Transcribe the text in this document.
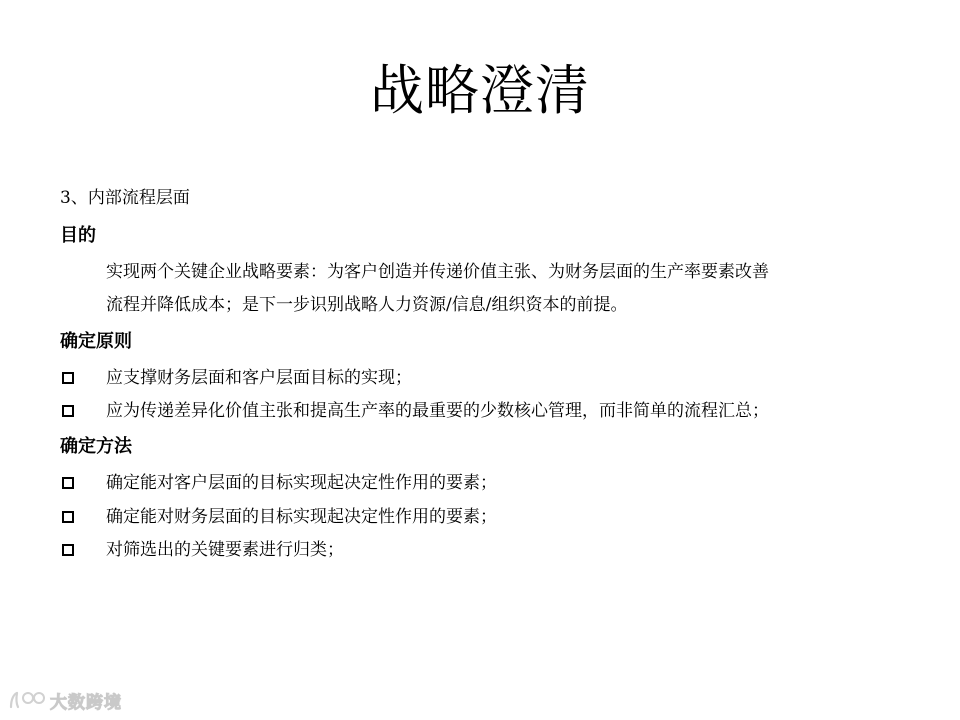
战略澄清
3、内部流程层面
目的
实现两个关键企业战略要素：为客户创造并传递价值主张、为财务层面的生产率要素改善
流程并降低成本；是下一步识别战略人力资源/信息/组织资本的前提。
确定原则
应支撑财务层面和客户层面目标的实现；
应为传递差异化价值主张和提高生产率的最重要的少数核心管理，而非简单的流程汇总；
确定方法
确定能对客户层面的目标实现起决定性作用的要素；
确定能对财务层面的目标实现起决定性作用的要素；
对筛选出的关键要素进行归类；
大数跨境
